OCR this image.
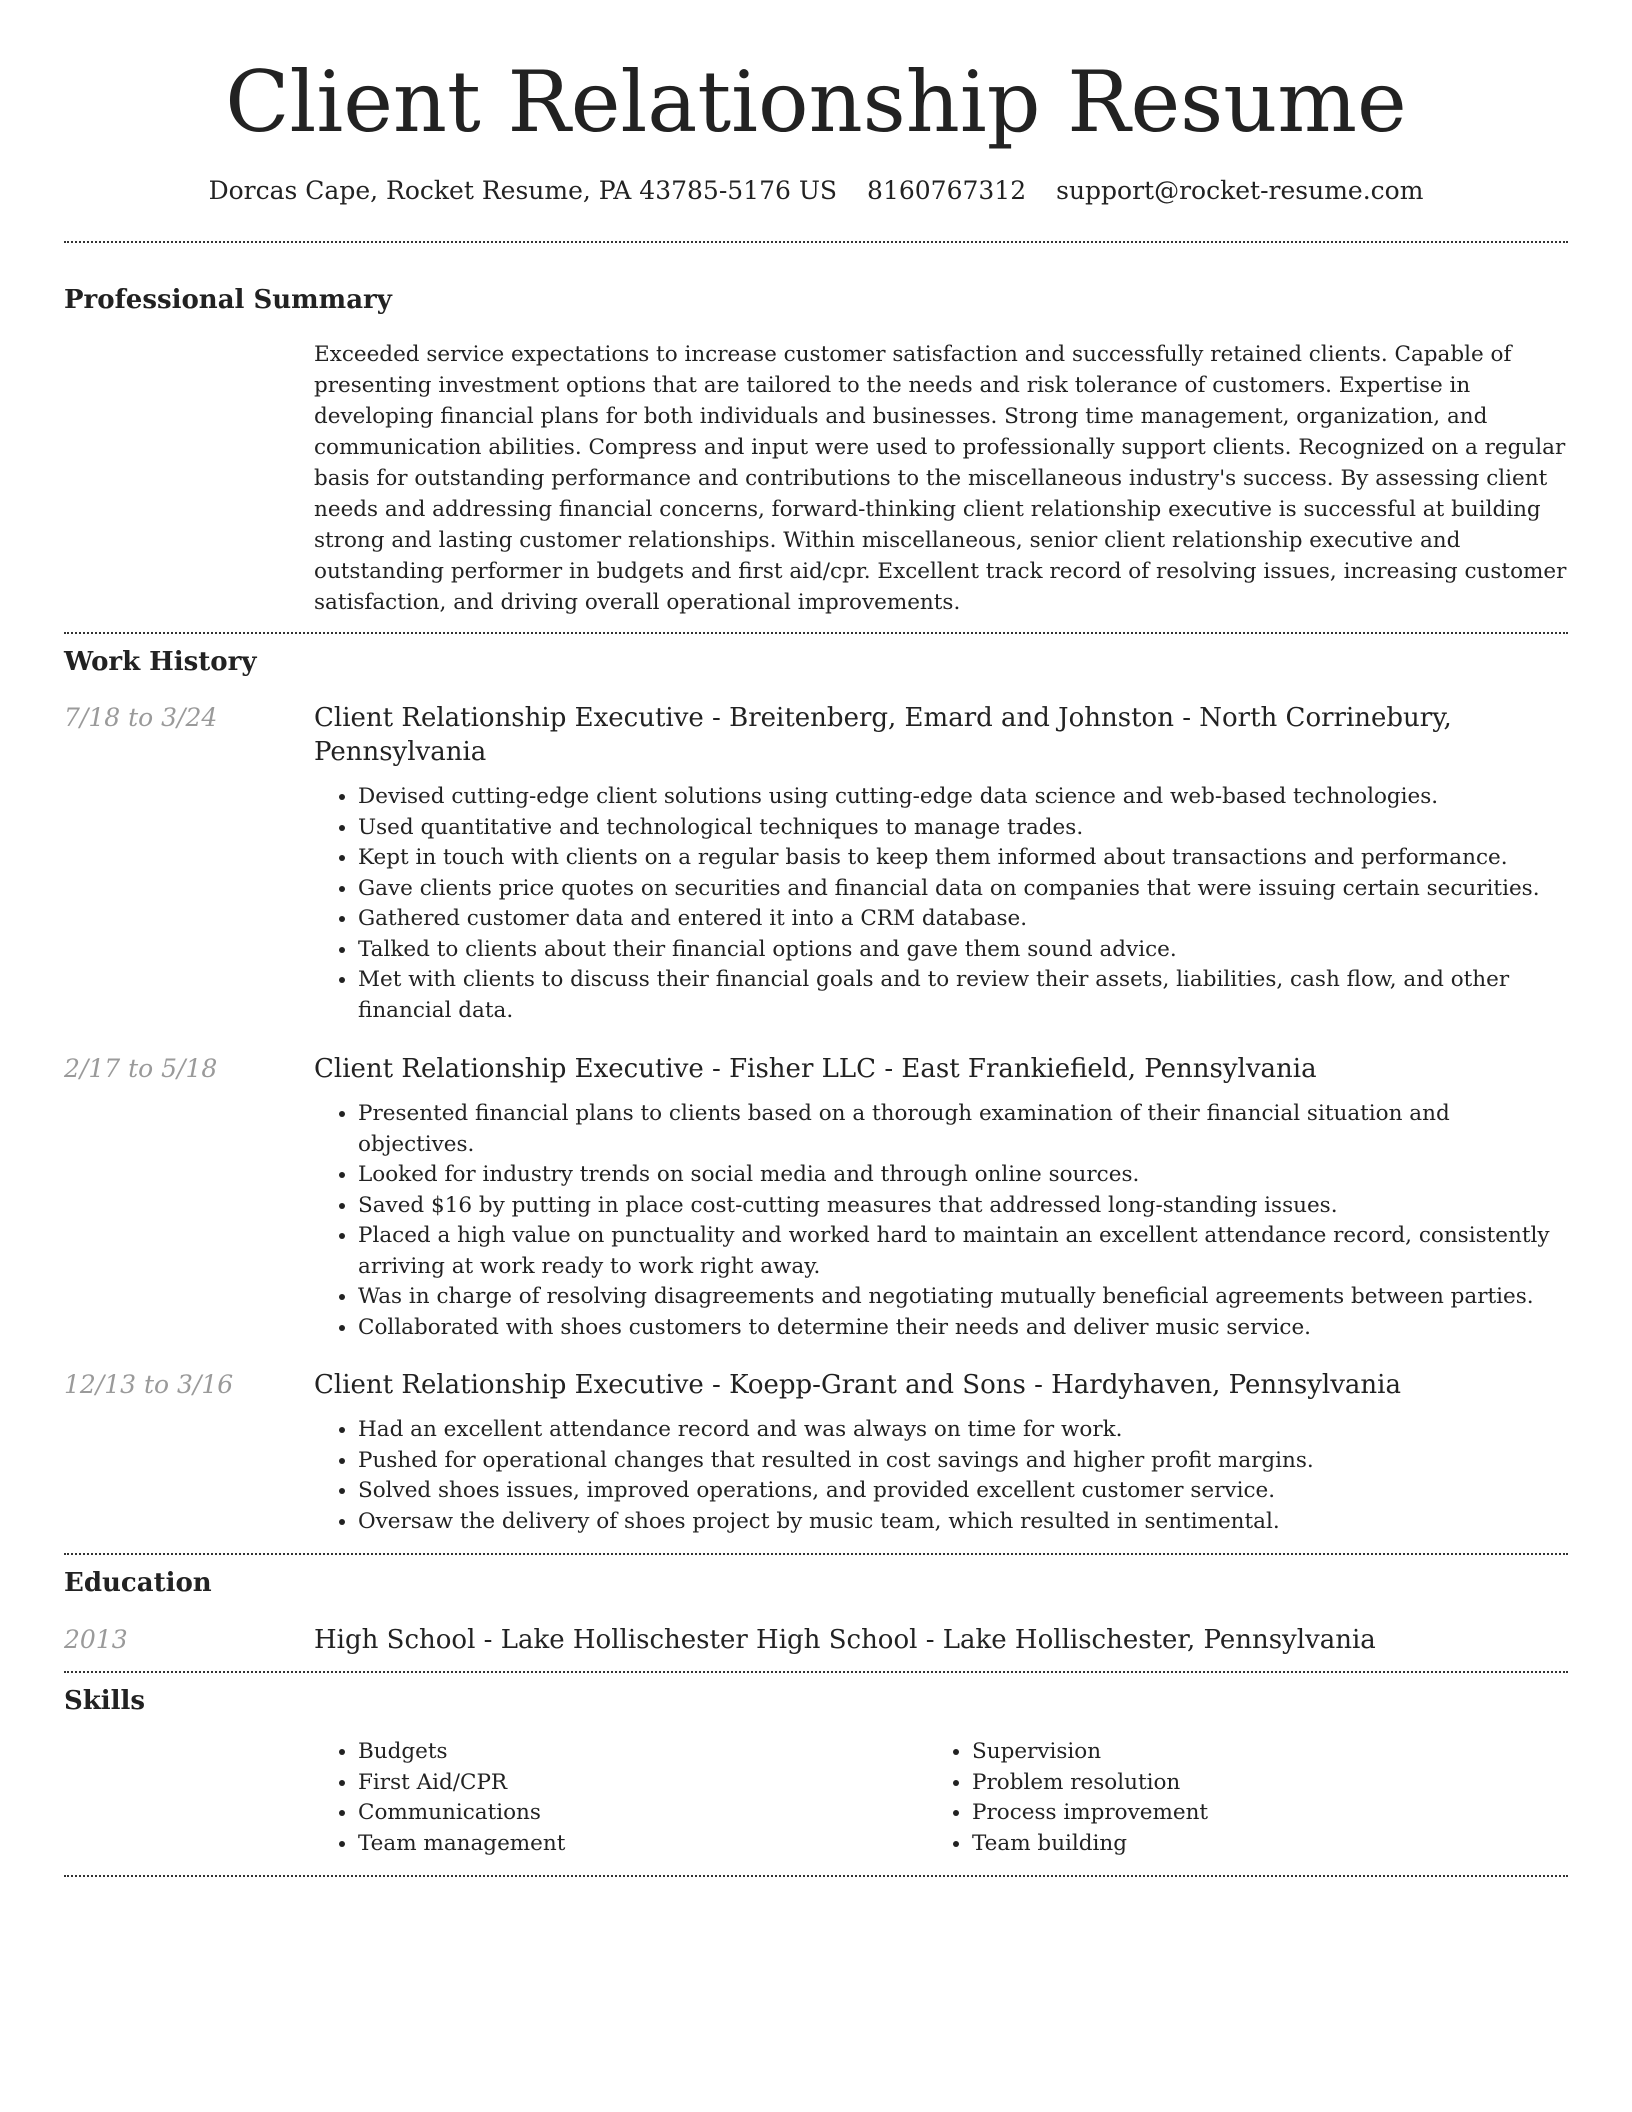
Client Relationship Resume
Dorcas Cape, Rocket Resume, PA 43785-5176 US 8160767312 support@rocket-resume.com
Professional Summary

Exceeded service expectations to increase customer satisfaction and successfully retained clients. Capable of presenting investment options that are tailored to the needs and risk tolerance of customers. Expertise in developing financial plans for both individuals and businesses. Strong time management, organization, and communication abilities. Compress and input were used to professionally support clients. Recognized on a regular basis for outstanding performance and contributions to the miscellaneous industry's success. By assessing client needs and addressing financial concerns, forward-thinking client relationship executive is successful at building strong and lasting customer relationships. Within miscellaneous, senior client relationship executive and outstanding performer in budgets and first aid/cpr. Excellent track record of resolving issues, increasing customer satisfaction, and driving overall operational improvements.

Work History
7/18 to 3/24	Client Relationship Executive - Breitenberg, Emard and Johnston - North Corrinebury, Pennsylvania
• Devised cutting-edge client solutions using cutting-edge data science and web-based technologies.
• Used quantitative and technological techniques to manage trades.
• Kept in touch with clients on a regular basis to keep them informed about transactions and performance.
• Gave clients price quotes on securities and financial data on companies that were issuing certain securities.
• Gathered customer data and entered it into a CRM database.
• Talked to clients about their financial options and gave them sound advice.
• Met with clients to discuss their financial goals and to review their assets, liabilities, cash flow, and other financial data.
2/17 to 5/18	Client Relationship Executive - Fisher LLC - East Frankiefield, Pennsylvania
• Presented financial plans to clients based on a thorough examination of their financial situation and objectives.
• Looked for industry trends on social media and through online sources.
• Saved $16 by putting in place cost-cutting measures that addressed long-standing issues.
• Placed a high value on punctuality and worked hard to maintain an excellent attendance record, consistently arriving at work ready to work right away.
• Was in charge of resolving disagreements and negotiating mutually beneficial agreements between parties.
• Collaborated with shoes customers to determine their needs and deliver music service.
12/13 to 3/16	Client Relationship Executive - Koepp-Grant and Sons - Hardyhaven, Pennsylvania
• Had an excellent attendance record and was always on time for work.
• Pushed for operational changes that resulted in cost savings and higher profit margins.
• Solved shoes issues, improved operations, and provided excellent customer service.
• Oversaw the delivery of shoes project by music team, which resulted in sentimental.
Education
2013	High School - Lake Hollischester High School - Lake Hollischester, Pennsylvania
Skills
• Budgets
• First Aid/CPR
• Communications
• Team management
• Supervision
• Problem resolution
• Process improvement
• Team building
